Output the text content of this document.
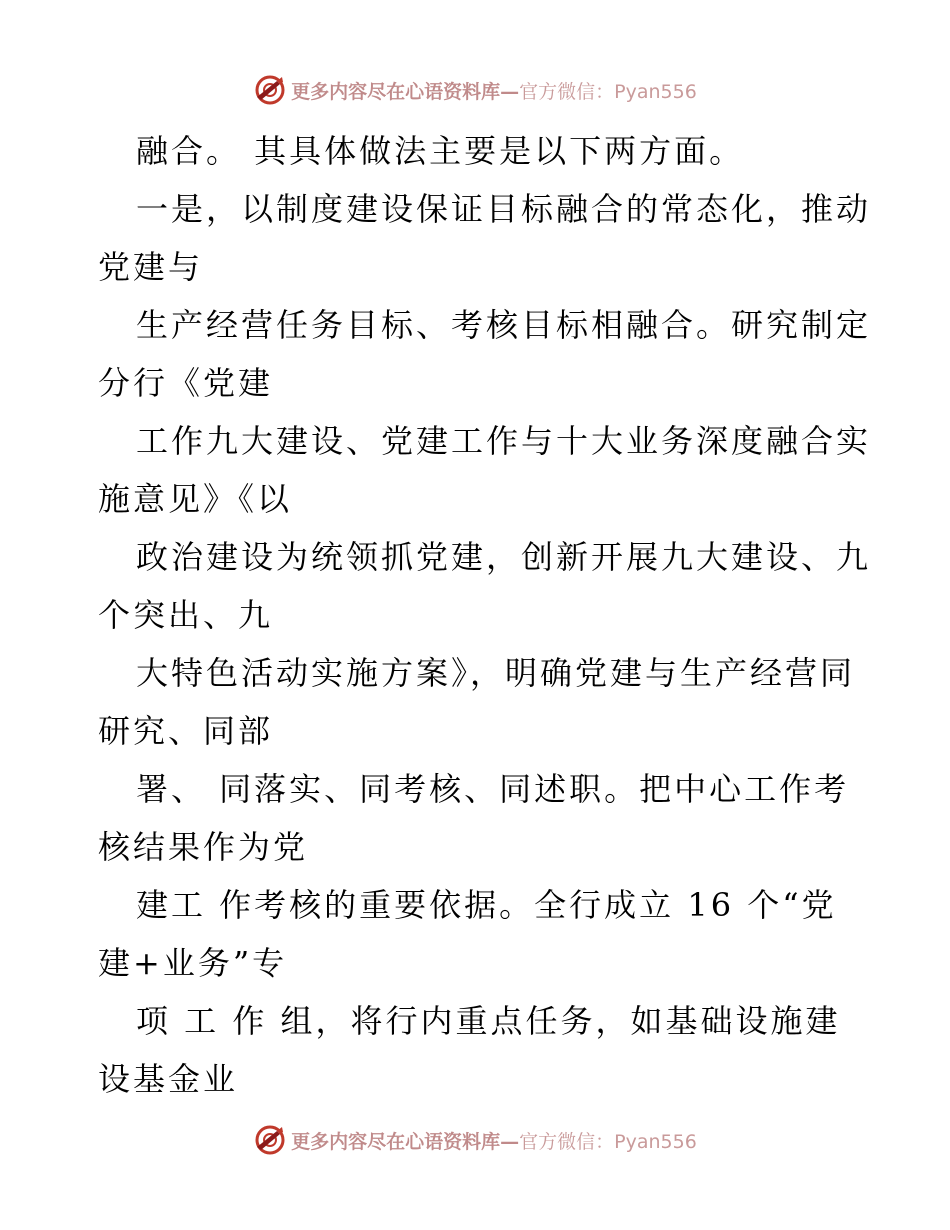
更多内容尽在心语资料库—官方微信：Pyan556
融合。 其具体做法主要是以下两方面。
一是，以制度建设保证目标融合的常态化，推动
党建与
生产经营任务目标、考核目标相融合。研究制定
分行《党建
工作九大建设、党建工作与十大业务深度融合实
施意见》《以
政治建设为统领抓党建，创新开展九大建设、九
个突出、九
大特色活动实施方案》，明确党建与生产经营同
研究、同部
署、 同落实、同考核、同述职。把中心工作考
核结果作为党
建工 作考核的重要依据。全行成立 16 个“党
建+业务”专
项 工 作 组，将行内重点任务，如基础设施建
设基金业
更多内容尽在心语资料库—官方微信：Pyan556
